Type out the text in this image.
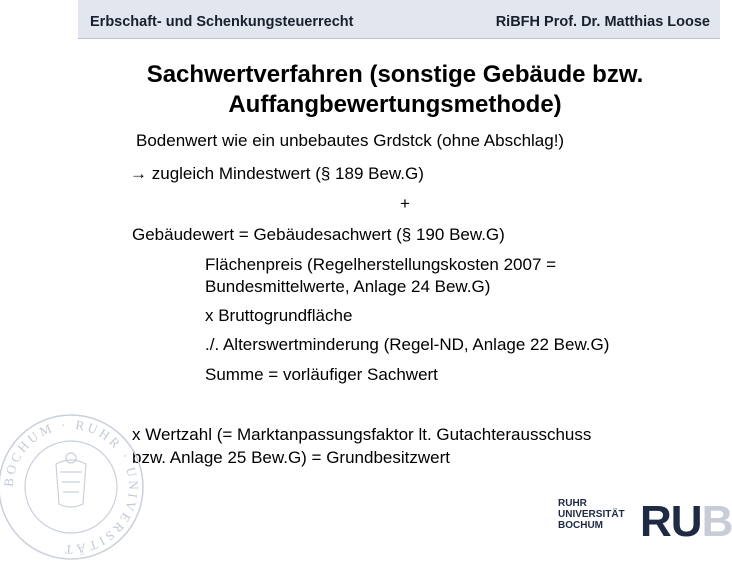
Erbschaft- und Schenkungsteuerrecht	RiBFH Prof. Dr. Matthias Loose
Sachwertverfahren (sonstige Gebäude bzw.
Auffangbewertungsmethode)
Bodenwert wie ein unbebautes Grdstck (ohne Abschlag!)
→ zugleich Mindestwert (§ 189 Bew.G)
+
Gebäudewert = Gebäudesachwert (§ 190 Bew.G)
Flächenpreis (Regelherstellungskosten 2007 =
Bundesmittelwerte, Anlage 24 Bew.G)
x Bruttogrundfläche
./. Alterswertminderung (Regel-ND, Anlage 22 Bew.G)
Summe = vorläufiger Sachwert
x Wertzahl (= Marktanpassungsfaktor lt. Gutachterausschuss
bzw. Anlage 25 Bew.G) = Grundbesitzwert
BOCHUM · RUHR · UNIVERSITÄT
RUHR
UNIVERSITÄT
BOCHUM RUB
